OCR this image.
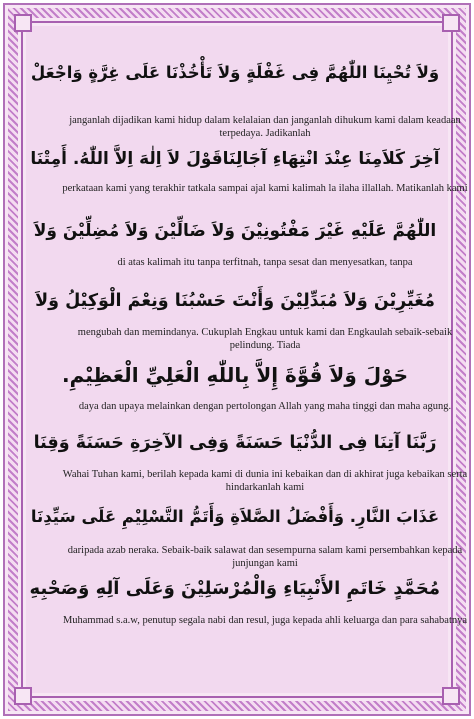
وَلاَ تُحْيِنَا اللّٰهُمَّ فِى غَفْلَةٍ وَلاَ تَأْخُذْنَا عَلَى غِرَّةٍ وَاجْعَلْ
janganlah dijadikan kami hidup dalam kelalaian dan janganlah dihukum kami dalam keadaan terpedaya. Jadikanlah
آخِرَ كَلاَمِنَا عِنْدَ انْتِهَاءِ آجَالِنَاقَوْلَ لاَ اِلٰهَ اِلاَّ اللّٰهُ. أَمِتْنَا
perkataan kami yang terakhir tatkala sampai ajal kami kalimah la ilaha illallah. Matikanlah kami
اللّٰهُمَّ عَلَيْهِ غَيْرَ مَفْتُونِيْنَ وَلاَ ضَالِّيْنَ وَلاَ مُضِلِّيْنَ وَلاَ
di atas kalimah itu tanpa terfitnah, tanpa sesat dan menyesatkan, tanpa
مُغَيِّرِيْنَ وَلاَ مُبَدِّلِيْنَ وَأَنْتَ حَسْبُنَا وَنِعْمَ الْوَكِيْلُ وَلاَ
mengubah dan memindanya. Cukuplah Engkau untuk kami dan Engkaulah sebaik-sebaik pelindung. Tiada
حَوْلَ وَلاَ قُوَّةَ إِلاَّ بِاللّٰهِ الْعَلِيِّ الْعَظِيْمِ.
daya dan upaya melainkan dengan pertolongan Allah yang maha tinggi dan maha agung.
رَبَّنَا آتِنَا فِى الدُّنْيَا حَسَنَةً وَفِى الآخِرَةِ حَسَنَةً وَقِنَا
Wahai Tuhan kami, berilah kepada kami di dunia ini kebaikan dan di akhirat juga kebaikan serta hindarkanlah kami
عَذَابَ النَّارِ. وَأَفْضَلُ الصَّلاَةِ وَأَتَمُّ التَّسْلِيْمِ عَلَى سَيِّدِنَا
daripada azab neraka. Sebaik-baik salawat dan sesempurna salam kami persembahkan kepada junjungan kami
مُحَمَّدٍ خَاتَمِ الأَنْبِيَاءِ وَالْمُرْسَلِيْنَ وَعَلَى آلِهِ وَصَحْبِهِ
Muhammad s.a.w, penutup segala nabi dan resul, juga kepada ahli keluarga dan para sahabatnya
